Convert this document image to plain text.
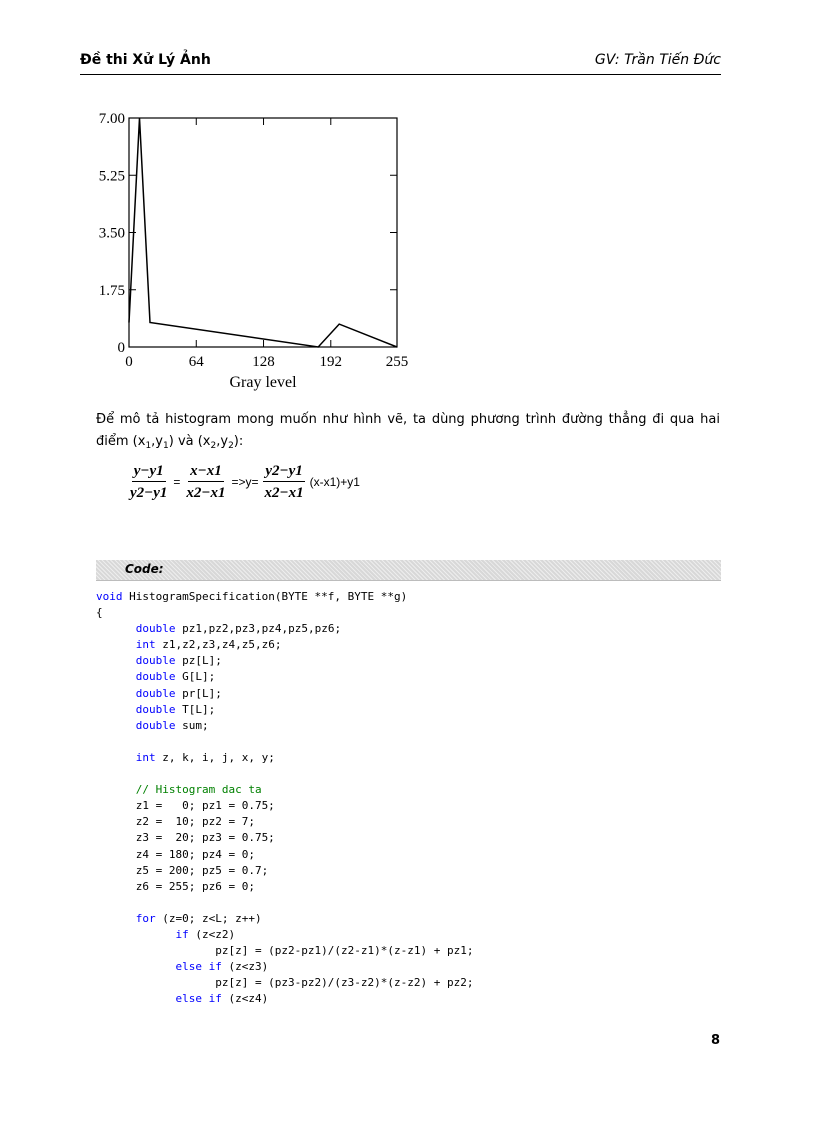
Đề thi Xử Lý Ảnh	GV: Trần Tiến Đức
0	64	128	192	255
0
1.75
3.50
5.25
7.00
Gray level
Để mô tả histogram mong muốn như hình vẽ, ta dùng phương trình đường thẳng đi qua hai
điểm $(x_1,y_1)$ và $(x_2,y_2)$:
$\frac{y-y1}{y2-y1} = \frac{x-x1}{x2-x1} =>y= \frac{y2-y1}{x2-x1} (x-x1)+y1$
Code:
void HistogramSpecification(BYTE **f, BYTE **g)
{
double pz1,pz2,pz3,pz4,pz5,pz6;
int z1,z2,z3,z4,z5,z6;
double pz[L];
double G[L];
double pr[L];
double T[L];
double sum;

int z, k, i, j, x, y;

// Histogram dac ta
z1 =   0; pz1 = 0.75;
z2 =  10; pz2 = 7;
z3 =  20; pz3 = 0.75;
z4 = 180; pz4 = 0;
z5 = 200; pz5 = 0.7;
z6 = 255; pz6 = 0;

for (z=0; z<L; z++)
if (z<z2)
pz[z] = (pz2-pz1)/(z2-z1)*(z-z1) + pz1;
else if (z<z3)
pz[z] = (pz3-pz2)/(z3-z2)*(z-z2) + pz2;
else if (z<z4)
8
